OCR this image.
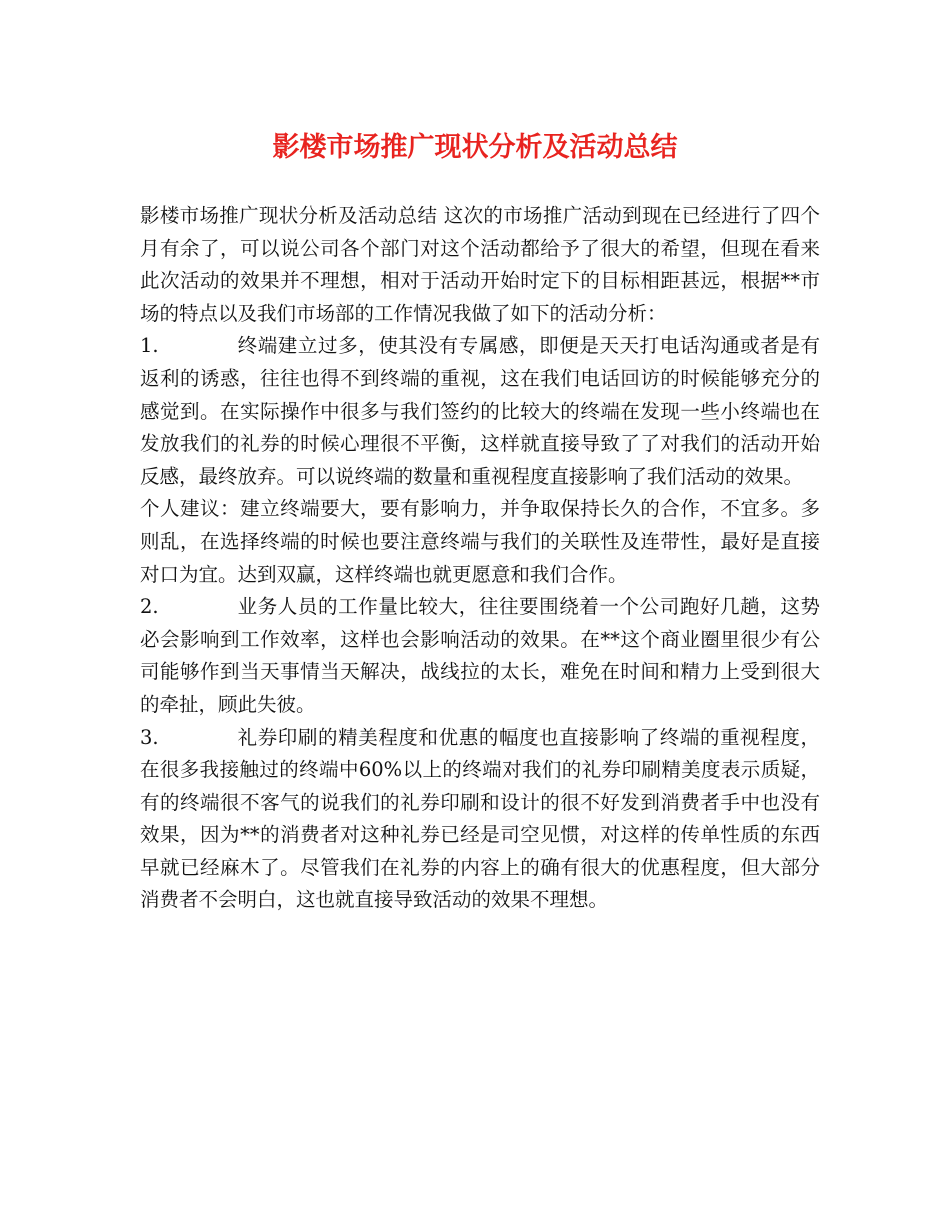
影楼市场推广现状分析及活动总结

影楼市场推广现状分析及活动总结 这次的市场推广活动到现在已经进行了四个月有余了，可以说公司各个部门对这个活动都给予了很大的希望，但现在看来此次活动的效果并不理想，相对于活动开始时定下的目标相距甚远，根据**市场的特点以及我们市场部的工作情况我做了如下的活动分析：

1.	终端建立过多，使其没有专属感，即便是天天打电话沟通或者是有返利的诱惑，往往也得不到终端的重视，这在我们电话回访的时候能够充分的感觉到。在实际操作中很多与我们签约的比较大的终端在发现一些小终端也在发放我们的礼券的时候心理很不平衡，这样就直接导致了了对我们的活动开始反感，最终放弃。可以说终端的数量和重视程度直接影响了我们活动的效果。

个人建议：建立终端要大，要有影响力，并争取保持长久的合作，不宜多。多则乱，在选择终端的时候也要注意终端与我们的关联性及连带性，最好是直接对口为宜。达到双赢，这样终端也就更愿意和我们合作。

2.	业务人员的工作量比较大，往往要围绕着一个公司跑好几趟，这势必会影响到工作效率，这样也会影响活动的效果。在**这个商业圈里很少有公司能够作到当天事情当天解决，战线拉的太长，难免在时间和精力上受到很大的牵扯，顾此失彼。

3.	礼券印刷的精美程度和优惠的幅度也直接影响了终端的重视程度，在很多我接触过的终端中60%以上的终端对我们的礼券印刷精美度表示质疑，有的终端很不客气的说我们的礼券印刷和设计的很不好发到消费者手中也没有效果，因为**的消费者对这种礼券已经是司空见惯，对这样的传单性质的东西早就已经麻木了。尽管我们在礼券的内容上的确有很大的优惠程度，但大部分消费者不会明白，这也就直接导致活动的效果不理想。
